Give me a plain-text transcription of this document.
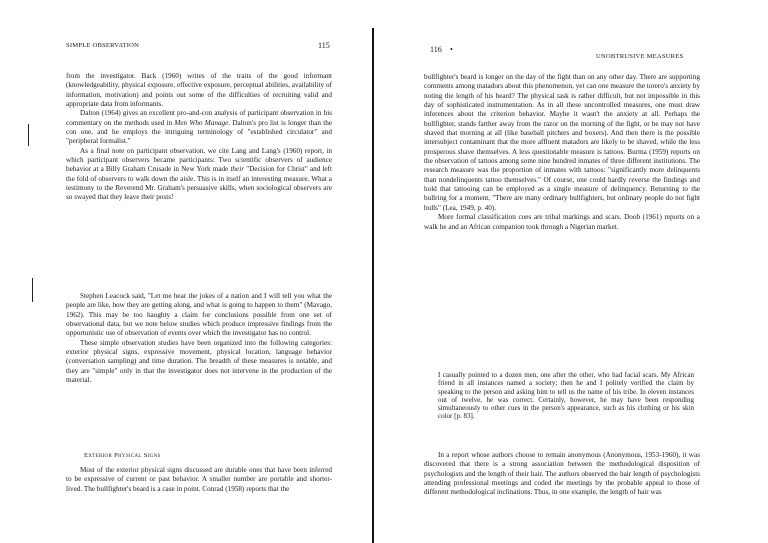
SIMPLE OBSERVATION	115

from the investigator. Back (1960) writes of the traits of the good informant (knowledgeability, physical exposure, effective exposure, perceptual abilities, availability of information, motivation) and points out some of the difficulties of recruiting valid and appropriate data from informants.

Dalton (1964) gives an excellent pro-and-con analysis of participant observation in his commentary on the methods used in Men Who Manage. Dalton's pro list is longer than the con one, and he employs the intriguing terminology of "established circulator" and "peripheral formalist."

As a final note on participant observation, we cite Lang and Lang's (1960) report, in which participant observers became participants: Two scientific observers of audience behavior at a Billy Graham Crusade in New York made their "Decision for Christ" and left the fold of observers to walk down the aisle. This is in itself an interesting measure. What a testimony to the Reverend Mr. Graham's persuasive skills, when sociological observers are so swayed that they leave their posts!

Stephen Leacock said, "Let me hear the jokes of a nation and I will tell you what the people are like, how they are getting along, and what is going to happen to them" (Mavago, 1962). This may be too haughty a claim for conclusions possible from one set of observational data, but we note below studies which produce impressive findings from the opportunistic use of observation of events over which the investigator has no control.

These simple observation studies have been organized into the following categories: exterior physical signs, expressive movement, physical location, language behavior (conversation sampling) and time duration. The breadth of these measures is notable, and they are "simple" only in that the investigator does not intervene in the production of the material.

Exterior Physical Signs

Most of the exterior physical signs discussed are durable ones that have been inferred to be expressive of current or past behavior. A smaller number are portable and shorter-lived. The bullfighter's beard is a case in point. Conrad (1958) reports that the

116 •
UNOBTRUSIVE MEASURES

bullfighter's beard is longer on the day of the fight than on any other day. There are supporting comments among matadors about this phenomenon, yet can one measure the torero's anxiety by noting the length of his beard? The physical task is rather difficult, but not impossible in this day of sophisticated instrumentation. As in all these uncontrolled measures, one must draw inferences about the criterion behavior. Maybe it wasn't the anxiety at all. Perhaps the bullfighter, stands farther away from the razor on the morning of the fight, or he may not have shaved that morning at all (like baseball pitchers and boxers). And then there is the possible intersubject contaminant that the more affluent matadors are likely to be shaved, while the less prosperous shave themselves. A less questionable measure is tattoos. Burma (1959) reports on the observation of tattoos among some nine hundred inmates of three different institutions. The research measure was the proportion of inmates with tattoos: "significantly more delinquents than nondelinquents tattoo themselves." Of course, one could hardly reverse the findings and hold that tattooing can be employed as a single measure of delinquency. Returning to the bullring for a moment, "There are many ordinary bullfighters, but ordinary people do not fight bulls" (Lea, 1949, p. 40).

More formal classification cues are tribal markings and scars. Doob (1961) reports on a walk he and an African companion took through a Nigerian market.

I casually pointed to a dozen men, one after the other, who had facial scars. My African friend in all instances named a society; then he and I politely verified the claim by speaking to the person and asking him to tell us the name of his tribe. In eleven instances out of twelve, he was correct. Certainly, however, he may have been responding simultaneously to other cues in the person's appearance, such as his clothing or his skin color [p. 83].

In a report whose authors choose to remain anonymous (Anonymous, 1953-1960), it was discovered that there is a strong association between the methodological disposition of psychologists and the length of their hair. The authors observed the hair length of psychologists attending professional meetings and coded the meetings by the probable appeal to those of different methodological inclinations. Thus, in one example, the length of hair was
